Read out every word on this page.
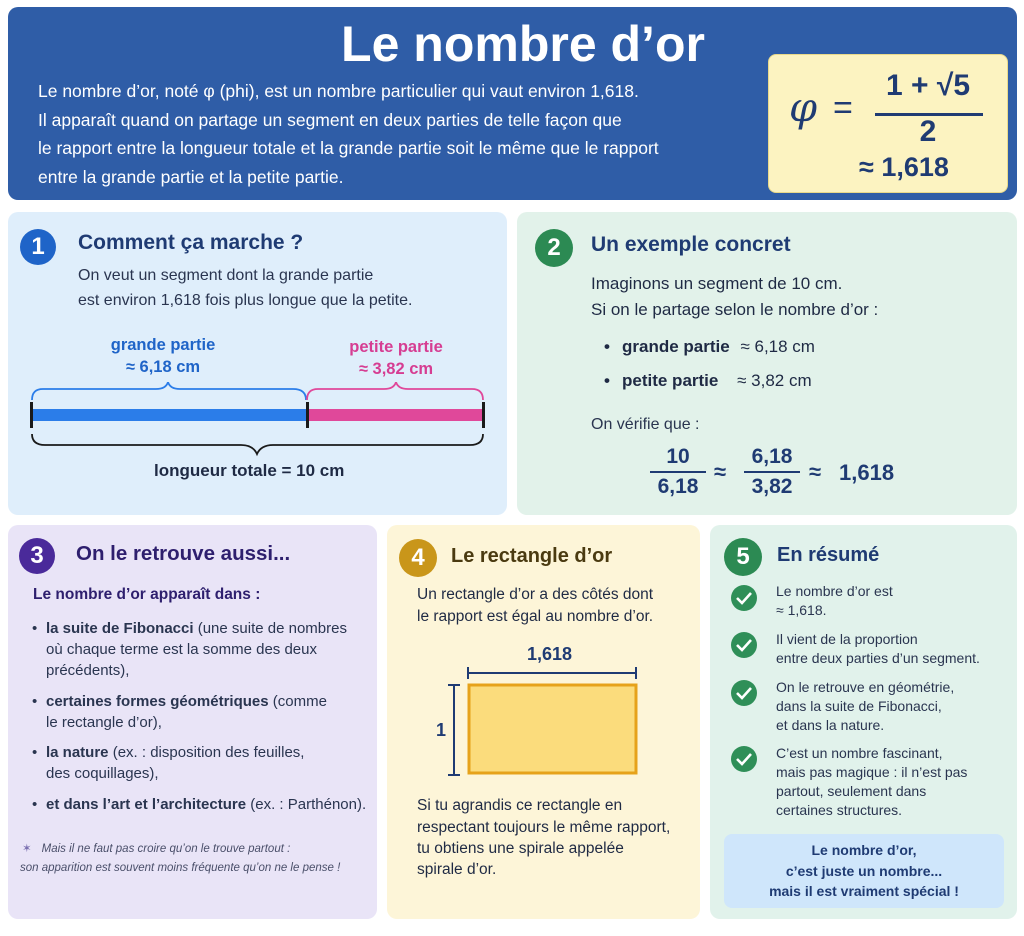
Le nombre d’or

Le nombre d’or, noté φ (phi), est un nombre particulier qui vaut environ 1,618.

Il apparaît quand on partage un segment en deux parties de telle façon que

le rapport entre la longueur totale et la grande partie soit le même que le rapport

entre la grande partie et la petite partie.

φ =
1 + √5
2
≈ 1,618
1	Comment ça marche ?
On veut un segment dont la grande partie
est environ 1,618 fois plus longue que la petite.
grande partie
≈ 6,18 cm
petite partie
≈ 3,82 cm
longueur totale = 10 cm
2	Un exemple concret
Imaginons un segment de 10 cm.
Si on le partage selon le nombre d’or :
• grande partie ≈ 6,18 cm
• petite partie ≈ 3,82 cm
On vérifie que :
10
6,18
≈
6,18
3,82
≈ 1,618
3	On le retrouve aussi...
Le nombre d’or apparaît dans :
• la suite de Fibonacci (une suite de nombres
où chaque terme est la somme des deux
précédents),
• certaines formes géométriques (comme
le rectangle d’or),
• la nature (ex. : disposition des feuilles,
des coquillages),
• et dans l’art et l’architecture (ex. : Parthénon).
✶ Mais il ne faut pas croire qu’on le trouve partout :
son apparition est souvent moins fréquente qu’on ne le pense !
4	Le rectangle d’or
Un rectangle d’or a des côtés dont
le rapport est égal au nombre d’or.
1,618
1
Si tu agrandis ce rectangle en
respectant toujours le même rapport,
tu obtiens une spirale appelée
spirale d’or.
5	En résumé
Le nombre d’or est
≈ 1,618.
Il vient de la proportion
entre deux parties d’un segment.
On le retrouve en géométrie,
dans la suite de Fibonacci,
et dans la nature.
C’est un nombre fascinant,
mais pas magique : il n’est pas
partout, seulement dans
certaines structures.
Le nombre d’or,
c’est juste un nombre...
mais il est vraiment spécial !
